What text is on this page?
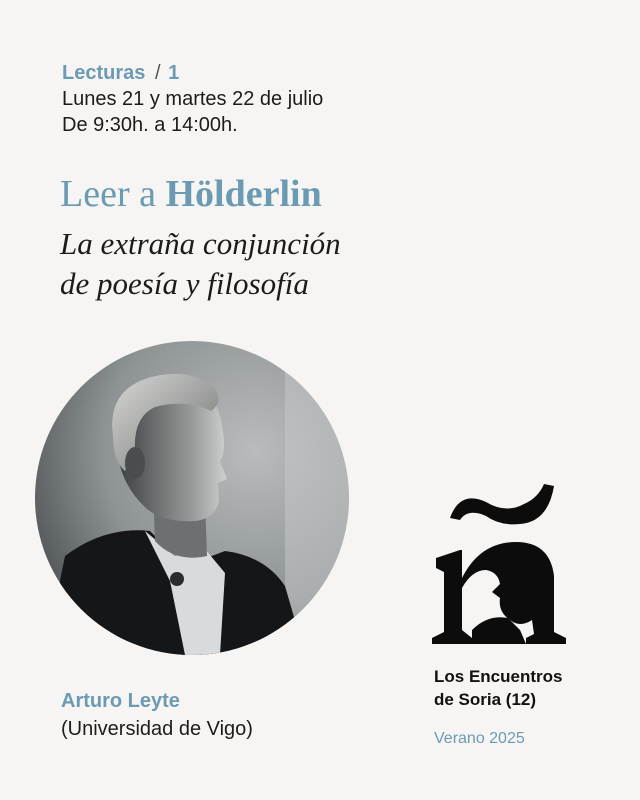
Lecturas / 1
Lunes 21 y martes 22 de julio
De 9:30h. a 14:00h.
Leer a Hölderlin
La extraña conjunción
de poesía y filosofía
Arturo Leyte
(Universidad de Vigo)
Los Encuentros
de Soria (12)
Verano 2025
